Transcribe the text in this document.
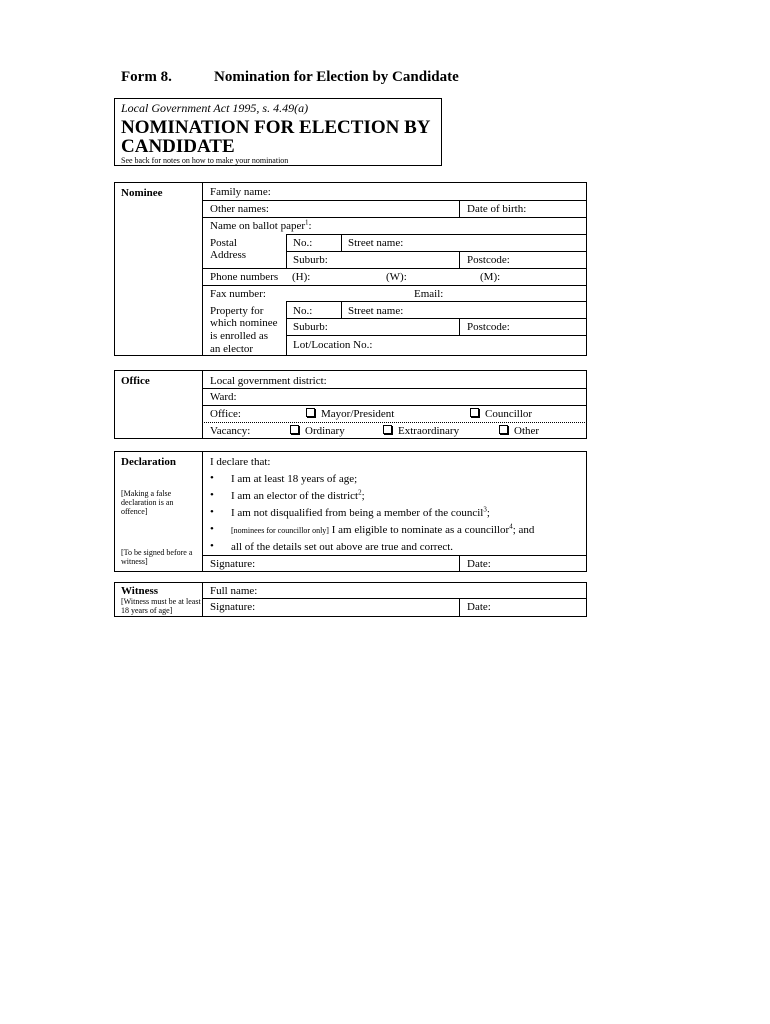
Form 8.	Nomination for Election by Candidate
Local Government Act 1995, s. 4.49(a)
NOMINATION FOR ELECTION BY
CANDIDATE
See back for notes on how to make your nomination
Nominee	Family name:
Other names:	Date of birth:
Name on ballot paper$^1$:
Postal
Address
No.:	Street name:
Suburb:	Postcode:
Phone numbers (H):	(W):	(M):
Fax number:	Email:
Property for
which nominee
is enrolled as
an elector
No.:	Street name:
Suburb:	Postcode:
Lot/Location No.:
Office	Local government district:
Ward:
Office:	Mayor/President	Councillor
Vacancy:	Ordinary	Extraordinary	Other
Declaration
[Making a false declaration is an offence]
[To be signed before a witness]
I declare that:
• I am at least 18 years of age;
• I am an elector of the district$^2$;
• I am not disqualified from being a member of the council$^3$;
• [nominees for councillor only] I am eligible to nominate as a councillor$^4$; and
• all of the details set out above are true and correct.
Signature:	Date:
Witness
[Witness must be at least 18 years of age]
Full name:
Signature:	Date:
